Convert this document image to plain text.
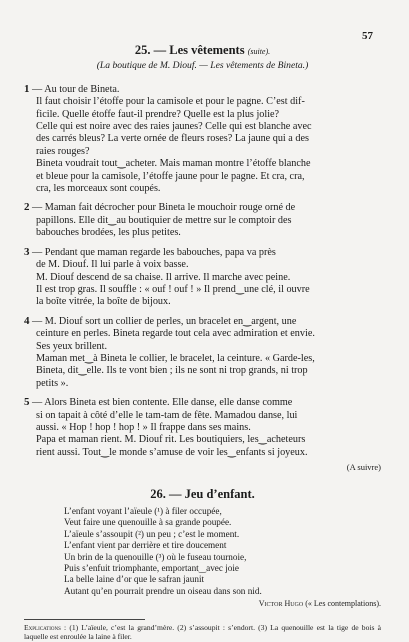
57
25. — Les vêtements (suite).
(La boutique de M. Diouf. — Les vêtements de Bineta.)
1 — Au tour de Bineta.
Il faut choisir l’étoffe pour la camisole et pour le pagne. C’est dif-
ficile. Quelle étoffe faut-il prendre? Quelle est la plus jolie?
Celle qui est noire avec des raies jaunes? Celle qui est blanche avec
des carrés bleus? La verte ornée de fleurs roses? La jaune qui a des
raies rouges?
Bineta voudrait tout‿acheter. Mais maman montre l’étoffe blanche
et bleue pour la camisole, l’étoffe jaune pour le pagne. Et cra, cra,
cra, les morceaux sont coupés.
2 — Maman fait décrocher pour Bineta le mouchoir rouge orné de
papillons. Elle dit‿au boutiquier de mettre sur le comptoir des
babouches brodées, les plus petites.
3 — Pendant que maman regarde les babouches, papa va près
de M. Diouf. Il lui parle à voix basse.
M. Diouf descend de sa chaise. Il arrive. Il marche avec peine.
Il est trop gras. Il souffle : « ouf ! ouf ! » Il prend‿une clé, il ouvre
la boîte vitrée, la boîte de bijoux.
4 — M. Diouf sort un collier de perles, un bracelet en‿argent, une
ceinture en perles. Bineta regarde tout cela avec admiration et envie.
Ses yeux brillent.
Maman met‿à Bineta le collier, le bracelet, la ceinture. « Garde-les,
Bineta, dit‿elle. Ils te vont bien ; ils ne sont ni trop grands, ni trop
petits ».
5 — Alors Bineta est bien contente. Elle danse, elle danse comme
si on tapait à côté d’elle le tam-tam de fête. Mamadou danse, lui
aussi. « Hop ! hop ! hop ! » Il frappe dans ses mains.
Papa et maman rient. M. Diouf rit. Les boutiquiers, les‿acheteurs
rient aussi. Tout‿le monde s’amuse de voir les‿enfants si joyeux.
(A suivre)
26. — Jeu d’enfant.
L’enfant voyant l’aïeule (¹) à filer occupée,
Veut faire une quenouille à sa grande poupée.
L’aïeule s’assoupit (²) un peu ; c’est le moment.
L’enfant vient par derrière et tire doucement
Un brin de la quenouille (³) où le fuseau tournoie,
Puis s’enfuit triomphante, emportant‿avec joie
La belle laine d’or que le safran jaunit
Autant qu’en pourrait prendre un oiseau dans son nid.
Victor Hugo (« Les contemplations).
Explications : (1) L’aïeule, c’est la grand’mère. (2) s’assoupit : s’endort. (3) La quenouille est la tige de bois à laquelle est enroulée la laine à filer.
